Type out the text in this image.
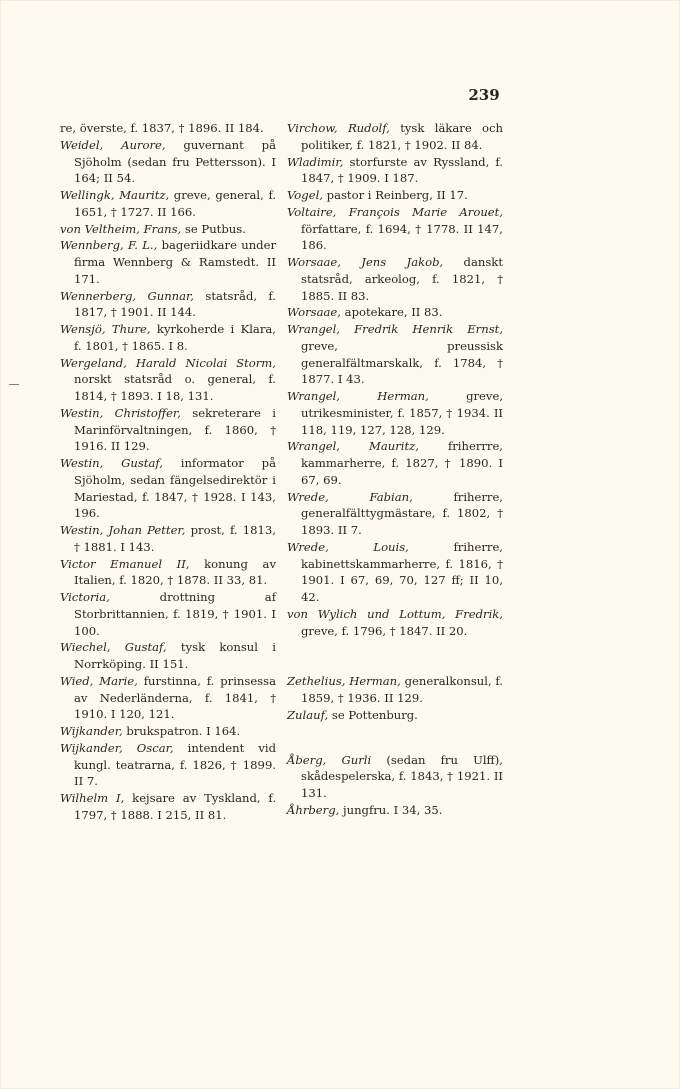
239
re, överste, f. 1837, † 1896. II 184.
Weidel, Aurore, guvernant på Sjöholm (sedan fru Pettersson). I 164; II 54.
Wellingk, Mauritz, greve, general, f. 1651, † 1727. II 166.
von Veltheim, Frans, se Putbus.
Wennberg, F. L., bageriidkare under firma Wennberg & Ramstedt. II 171.
Wennerberg, Gunnar, statsråd, f. 1817, † 1901. II 144.
Wensjö, Thure, kyrkoherde i Klara, f. 1801, † 1865. I 8.
Wergeland, Harald Nicolai Storm, norskt statsråd o. general, f. 1814, † 1893. I 18, 131.
Westin, Christoffer, sekreterare i Marinförvaltningen, f. 1860, † 1916. II 129.
Westin, Gustaf, informator på Sjöholm, sedan fängelsedirektör i Mariestad, f. 1847, † 1928. I 143, 196.
Westin, Johan Petter, prost, f. 1813, † 1881. I 143.
Victor Emanuel II, konung av Italien, f. 1820, † 1878. II 33, 81.
Victoria, drottning af Storbrittannien, f. 1819, † 1901. I 100.
Wiechel, Gustaf, tysk konsul i Norrköping. II 151.
Wied, Marie, furstinna, f. prinsessa av Nederländerna, f. 1841, † 1910. I 120, 121.
Wijkander, brukspatron. I 164.
Wijkander, Oscar, intendent vid kungl. teatrarna, f. 1826, † 1899. II 7.
Wilhelm I, kejsare av Tyskland, f. 1797, † 1888. I 215, II 81.
Virchow, Rudolf, tysk läkare och politiker, f. 1821, † 1902. II 84.
Wladimir, storfurste av Ryssland, f. 1847, † 1909. I 187.
Vogel, pastor i Reinberg, II 17.
Voltaire, François Marie Arouet, författare, f. 1694, † 1778. II 147, 186.
Worsaae, Jens Jakob, danskt statsråd, arkeolog, f. 1821, † 1885. II 83.
Worsaae, apotekare, II 83.
Wrangel, Fredrik Henrik Ernst, greve, preussisk generalfältmarskalk, f. 1784, † 1877. I 43.
Wrangel, Herman, greve, utrikesminister, f. 1857, † 1934. II 118, 119, 127, 128, 129.
Wrangel, Mauritz, friherrre, kammarherre, f. 1827, † 1890. I 67, 69.
Wrede, Fabian, friherre, generalfälttygmästare, f. 1802, † 1893. II 7.
Wrede, Louis, friherre, kabinettskammarherre, f. 1816, † 1901. I 67, 69, 70, 127 ff; II 10, 42.
von Wylich und Lottum, Fredrik, greve, f. 1796, † 1847. II 20.
Zethelius, Herman, generalkonsul, f. 1859, † 1936. II 129.
Zulauf, se Pottenburg.
Åberg, Gurli (sedan fru Ulff), skådespelerska, f. 1843, † 1921. II 131.
Åhrberg, jungfru. I 34, 35.
